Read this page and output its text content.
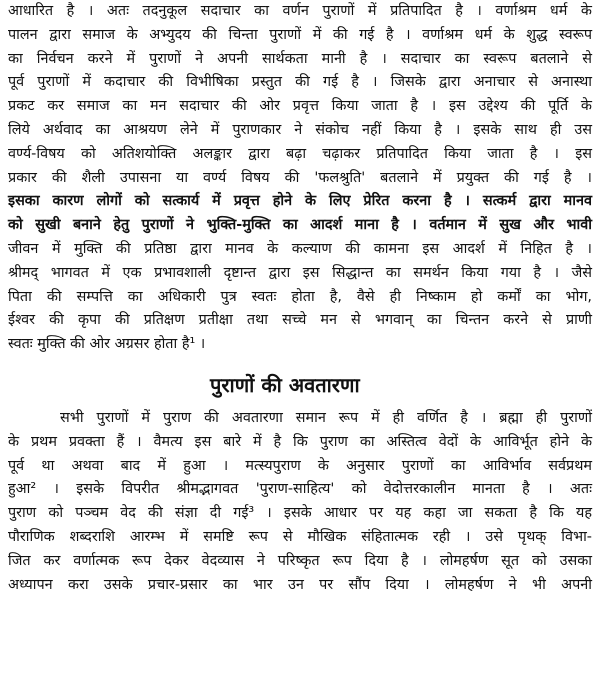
आधारित है । अतः तदनुकूल सदाचार का वर्णन पुराणों में प्रतिपादित है । वर्णाश्रम धर्म के
पालन द्वारा समाज के अभ्युदय की चिन्ता पुराणों में की गई है । वर्णाश्रम धर्म के शुद्ध स्वरूप
का निर्वचन करने में पुराणों ने अपनी सार्थकता मानी है । सदाचार का स्वरूप बतलाने से
पूर्व पुराणों में कदाचार की विभीषिका प्रस्तुत की गई है । जिसके द्वारा अनाचार से अनास्था
प्रकट कर समाज का मन सदाचार की ओर प्रवृत्त किया जाता है । इस उद्देश्य की पूर्ति के
लिये अर्थवाद का आश्रयण लेने में पुराणकार ने संकोच नहीं किया है । इसके साथ ही उस
वर्ण्य-विषय को अतिशयोक्ति अलङ्कार द्वारा बढ़ा चढ़ाकर प्रतिपादित किया जाता है । इस
प्रकार की शैली उपासना या वर्ण्य विषय की 'फलश्रुति' बतलाने में प्रयुक्त की गई है ।
इसका कारण लोगों को सत्कार्य में प्रवृत्त होने के लिए प्रेरित करना है । सत्कर्म द्वारा मानव
को सुखी बनाने हेतु पुराणों ने भुक्ति-मुक्ति का आदर्श माना है । वर्तमान में सुख और भावी
जीवन में मुक्ति की प्रतिष्ठा द्वारा मानव के कल्याण की कामना इस आदर्श में निहित है ।
श्रीमद् भागवत में एक प्रभावशाली दृष्टान्त द्वारा इस सिद्धान्त का समर्थन किया गया है । जैसे
पिता की सम्पत्ति का अधिकारी पुत्र स्वतः होता है, वैसे ही निष्काम हो कर्मों का भोग,
ईश्वर की कृपा की प्रतिक्षण प्रतीक्षा तथा सच्चे मन से भगवान् का चिन्तन करने से प्राणी
स्वतः मुक्ति की ओर अग्रसर होता है¹ ।
पुराणों की अवतारणा
सभी पुराणों में पुराण की अवतारणा समान रूप में ही वर्णित है । ब्रह्मा ही पुराणों
के प्रथम प्रवक्ता हैं । वैमत्य इस बारे में है कि पुराण का अस्तित्व वेदों के आविर्भूत होने के
पूर्व था अथवा बाद में हुआ । मत्स्यपुराण के अनुसार पुराणों का आविर्भाव सर्वप्रथम
हुआ² । इसके विपरीत श्रीमद्भागवत 'पुराण-साहित्य' को वेदोत्तरकालीन मानता है । अतः
पुराण को पञ्चम वेद की संज्ञा दी गई³ । इसके आधार पर यह कहा जा सकता है कि यह
पौराणिक शब्दराशि आरम्भ में समष्टि रूप से मौखिक संहितात्मक रही । उसे पृथक् विभा-
जित कर वर्णात्मक रूप देकर वेदव्यास ने परिष्कृत रूप दिया है । लोमहर्षण सूत को उसका
अध्यापन करा उसके प्रचार-प्रसार का भार उन पर सौंप दिया । लोमहर्षण ने भी अपनी
